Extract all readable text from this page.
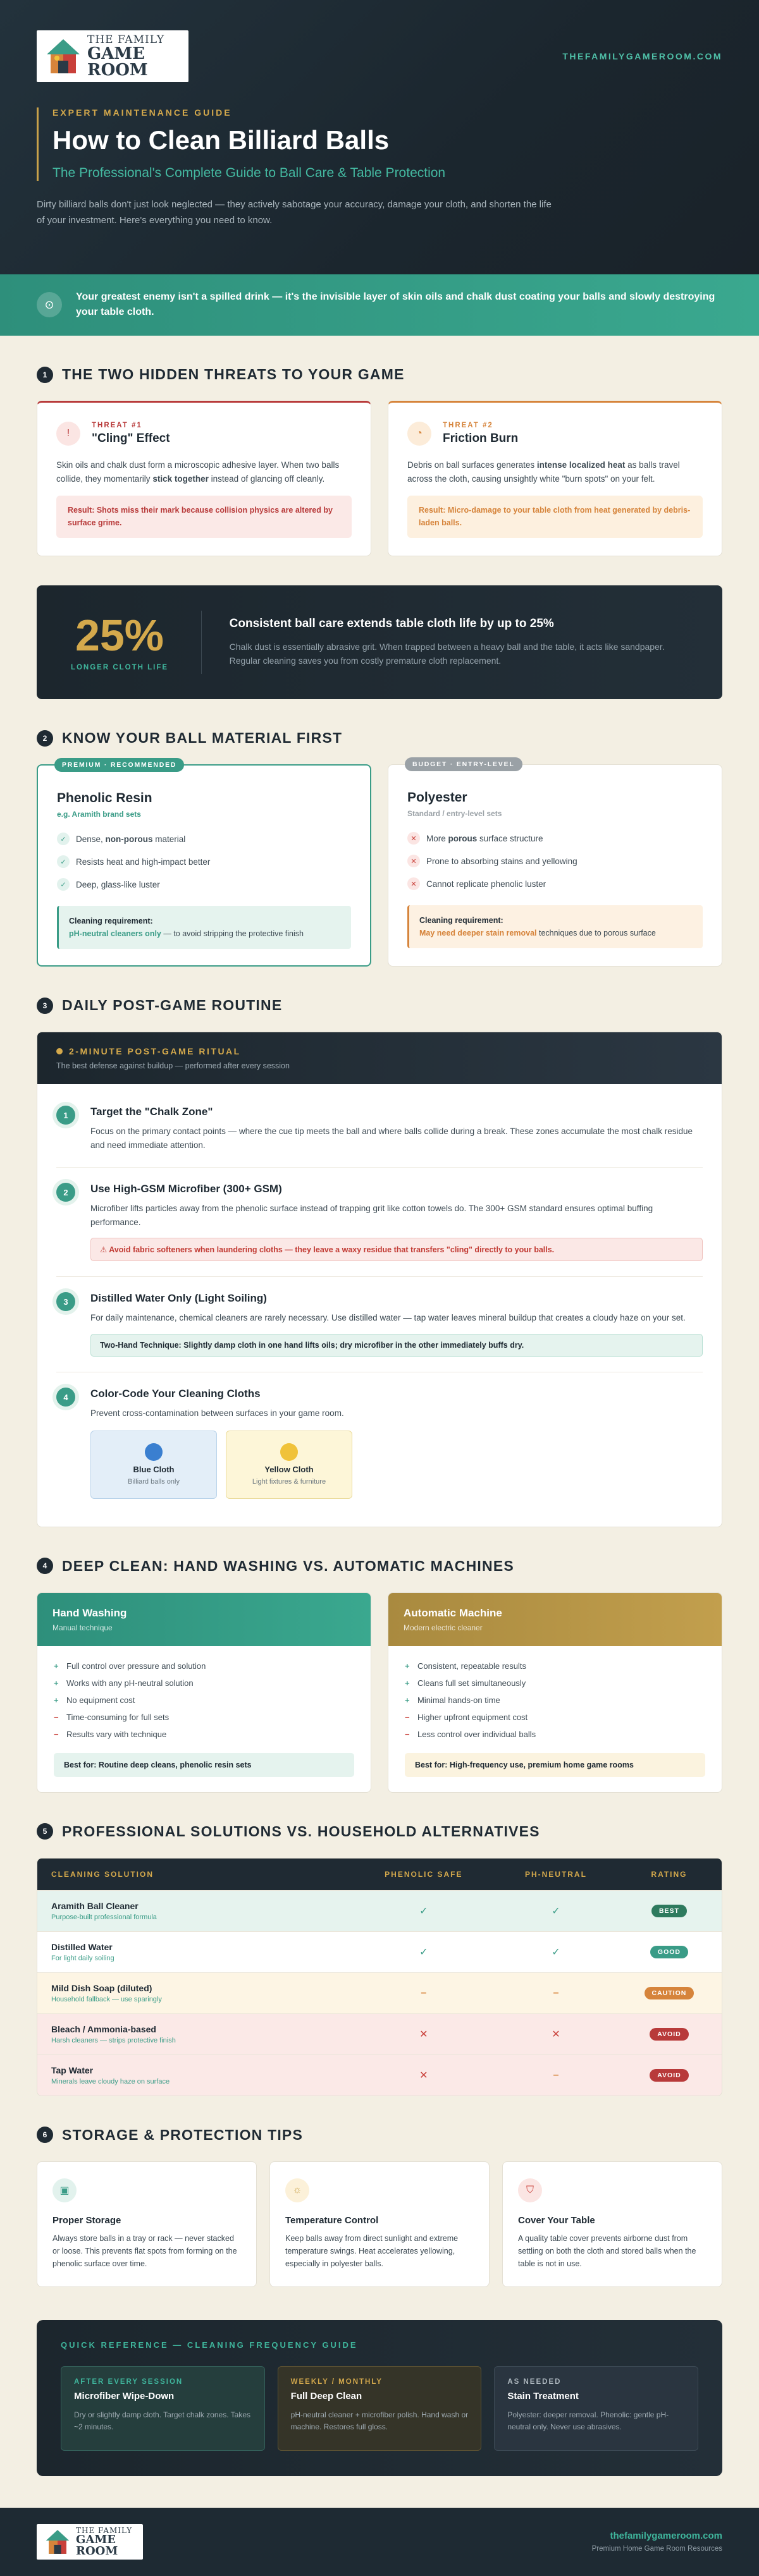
THE FAMILY
GAME ROOM
THEFAMILYGAMEROOM.COM
EXPERT MAINTENANCE GUIDE
How to Clean Billiard Balls
The Professional's Complete Guide to Ball Care & Table Protection

Dirty billiard balls don't just look neglected — they actively sabotage your accuracy, damage your cloth, and shorten the life of your investment. Here's everything you need to know.

⊙

Your greatest enemy isn't a spilled drink — it's the invisible layer of skin oils and chalk dust coating your balls and slowly destroying your table cloth.

1	THE TWO HIDDEN THREATS TO YOUR GAME
!
THREAT #1
"Cling" Effect

Skin oils and chalk dust form a microscopic adhesive layer. When two balls collide, they momentarily stick together instead of glancing off cleanly.

Result: Shots miss their mark because collision physics are altered by surface grime.
◔
THREAT #2
Friction Burn

Debris on ball surfaces generates intense localized heat as balls travel across the cloth, causing unsightly white "burn spots" on your felt.

Result: Micro-damage to your table cloth from heat generated by debris-laden balls.
25%
LONGER CLOTH LIFE
Consistent ball care extends table cloth life by up to 25%

Chalk dust is essentially abrasive grit. When trapped between a heavy ball and the table, it acts like sandpaper. Regular cleaning saves you from costly premature cloth replacement.

2	KNOW YOUR BALL MATERIAL FIRST
PREMIUM · RECOMMENDED
Phenolic Resin
e.g. Aramith brand sets
✓	Dense, non-porous material
✓	Resists heat and high-impact better
✓	Deep, glass-like luster
Cleaning requirement:
pH-neutral cleaners only — to avoid stripping the protective finish
BUDGET · ENTRY-LEVEL
Polyester
Standard / entry-level sets
✕	More porous surface structure
✕	Prone to absorbing stains and yellowing
✕	Cannot replicate phenolic luster
Cleaning requirement:
May need deeper stain removal techniques due to porous surface
3	DAILY POST-GAME ROUTINE
2-MINUTE POST-GAME RITUAL
The best defense against buildup — performed after every session
1	Target the "Chalk Zone"

Focus on the primary contact points — where the cue tip meets the ball and where balls collide during a break. These zones accumulate the most chalk residue and need immediate attention.

2	Use High-GSM Microfiber (300+ GSM)

Microfiber lifts particles away from the phenolic surface instead of trapping grit like cotton towels do. The 300+ GSM standard ensures optimal buffing performance.

⚠ Avoid fabric softeners when laundering cloths — they leave a waxy residue that transfers "cling" directly to your balls.
3	Distilled Water Only (Light Soiling)

For daily maintenance, chemical cleaners are rarely necessary. Use distilled water — tap water leaves mineral buildup that creates a cloudy haze on your set.

Two-Hand Technique: Slightly damp cloth in one hand lifts oils; dry microfiber in the other immediately buffs dry.
4	Color-Code Your Cleaning Cloths

Prevent cross-contamination between surfaces in your game room.

Blue Cloth
Billiard balls only
Yellow Cloth
Light fixtures & furniture
4	DEEP CLEAN: HAND WASHING VS. AUTOMATIC MACHINES
Hand Washing
Manual technique
+ Full control over pressure and solution
+ Works with any pH-neutral solution
+ No equipment cost
− Time-consuming for full sets
− Results vary with technique
Best for: Routine deep cleans, phenolic resin sets
Automatic Machine
Modern electric cleaner
+ Consistent, repeatable results
+ Cleans full set simultaneously
+ Minimal hands-on time
− Higher upfront equipment cost
− Less control over individual balls
Best for: High-frequency use, premium home game rooms
5	PROFESSIONAL SOLUTIONS VS. HOUSEHOLD ALTERNATIVES
CLEANING SOLUTION	PHENOLIC SAFE	PH-NEUTRAL	RATING

Aramith Ball Cleaner
Purpose-built professional formula	✓	✓	BEST

Distilled Water
For light daily soiling	✓	✓	GOOD

Mild Dish Soap (diluted)
Household fallback — use sparingly	–	–	CAUTION

Bleach / Ammonia-based
Harsh cleaners — strips protective finish	✕	✕	AVOID

Tap Water
Minerals leave cloudy haze on surface	✕	–	AVOID
6	STORAGE & PROTECTION TIPS
▣
Proper Storage

Always store balls in a tray or rack — never stacked or loose. This prevents flat spots from forming on the phenolic surface over time.

☼
Temperature Control

Keep balls away from direct sunlight and extreme temperature swings. Heat accelerates yellowing, especially in polyester balls.

⛉
Cover Your Table

A quality table cover prevents airborne dust from settling on both the cloth and stored balls when the table is not in use.

QUICK REFERENCE — CLEANING FREQUENCY GUIDE
AFTER EVERY SESSION
Microfiber Wipe-Down

Dry or slightly damp cloth. Target chalk zones. Takes ~2 minutes.

WEEKLY / MONTHLY
Full Deep Clean

pH-neutral cleaner + microfiber polish. Hand wash or machine. Restores full gloss.

AS NEEDED
Stain Treatment

Polyester: deeper removal. Phenolic: gentle pH-neutral only. Never use abrasives.

THE FAMILY
GAME ROOM
thefamilygameroom.com
Premium Home Game Room Resources
